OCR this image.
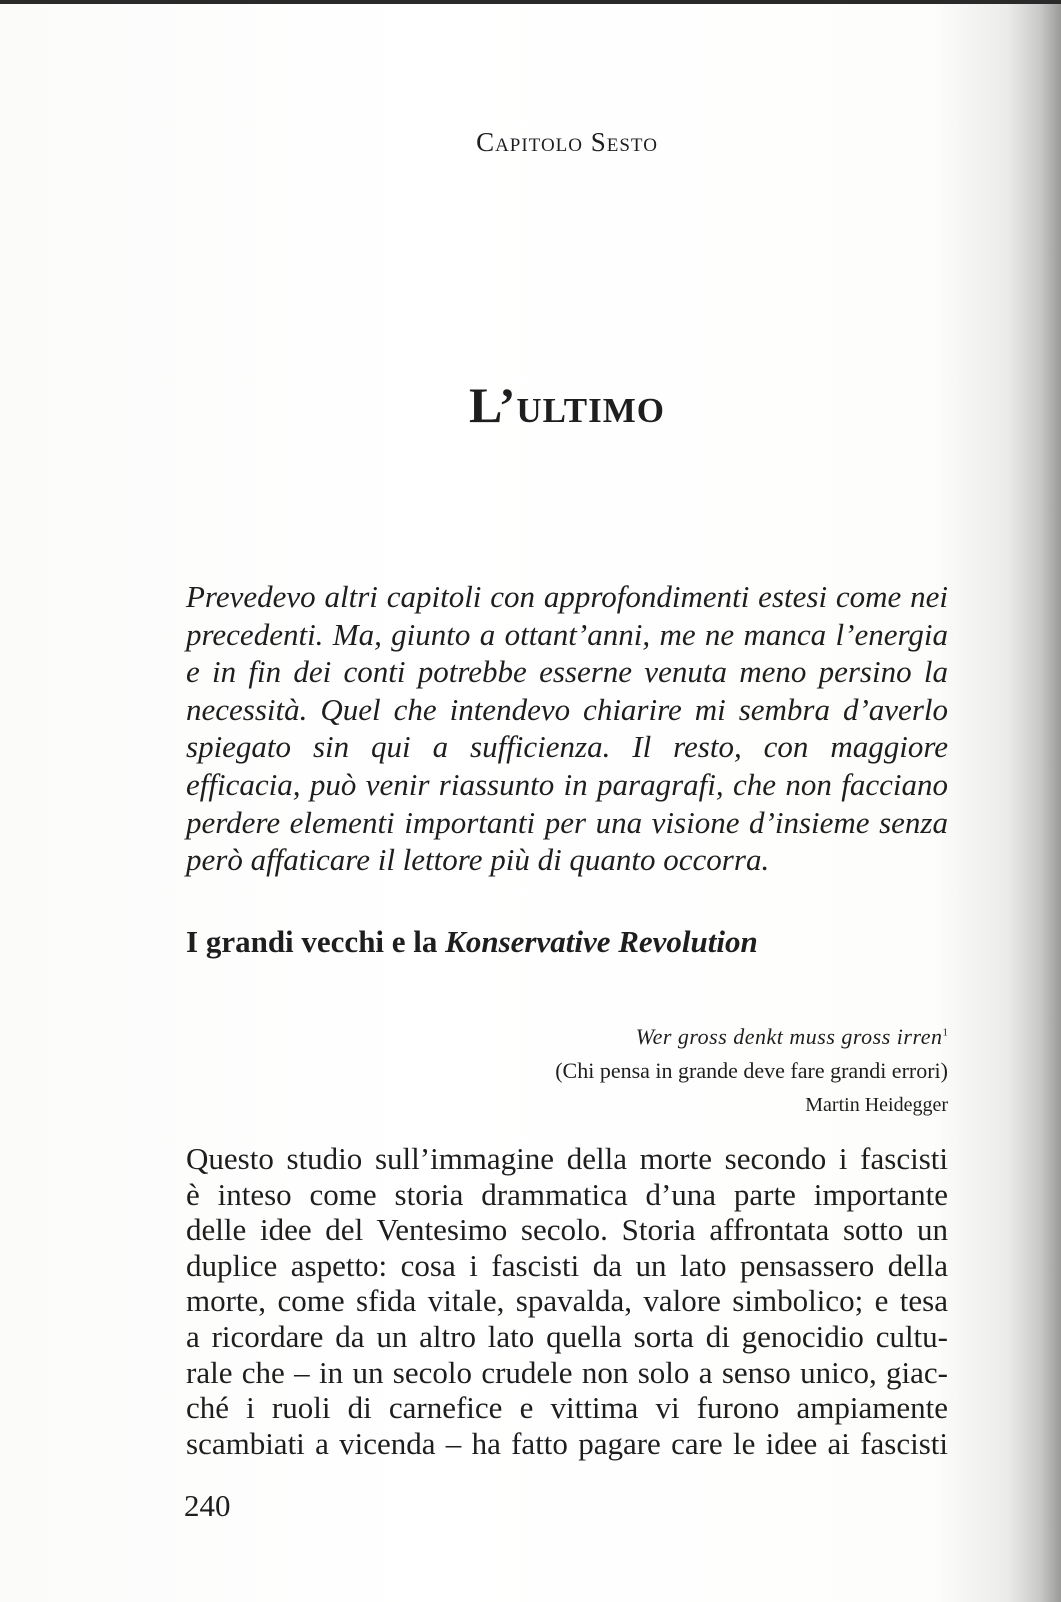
Capitolo Sesto
L’ultimo

Prevedevo altri capitoli con approfondimenti estesi come nei precedenti. Ma, giunto a ottant’anni, me ne manca l’energia e in fin dei conti potrebbe esserne venuta meno persino la necessità. Quel che intendevo chiarire mi sembra d’averlo spiegato sin qui a sufficienza. Il resto, con maggiore efficacia, può venir riassunto in paragrafi, che non facciano perdere elementi importanti per una visione d’insieme senza però affaticare il lettore più di quanto occorra.

I grandi vecchi e la Konservative Revolution
Wer gross denkt muss gross irren$^1$
(Chi pensa in grande deve fare grandi errori)
Martin Heidegger
Questo studio sull’immagine della morte secondo i fascisti
è inteso come storia drammatica d’una parte importante
delle idee del Ventesimo secolo. Storia affrontata sotto un
duplice aspetto: cosa i fascisti da un lato pensassero della
morte, come sfida vitale, spavalda, valore simbolico; e tesa
a ricordare da un altro lato quella sorta di genocidio cultu-
rale che – in un secolo crudele non solo a senso unico, giac-
ché i ruoli di carnefice e vittima vi furono ampiamente
scambiati a vicenda – ha fatto pagare care le idee ai fascisti
240
